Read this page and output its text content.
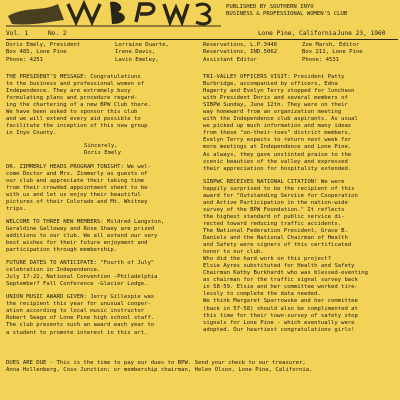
PUBLISHED BY SOUTHERN INYO
BUSINESS & PROFESSIONAL WOMEN'S CLUB
Vol. 1	No. 2	Lone Pine, California June 23, 1960
Doris Emely, President
Box 485, Lone Pine
Phone: 4251
Lorraine Duarte,
Irene Davis,
Lavin Emeley,
Reservations, L.P.3446
Reservations, IND.5062
Assistant Editor
Zoe Marsh, Editor
Box 211, Lone Pine
Phone: 4531
THE PRESIDENT'S MESSAGE: Congratulations
to the business and professional women of
Independence. They are extremely busy
formulating plans and procedure regard-
ing the chartering of a new BPW Club there.
We have been asked to sponsor this club
and we will extend every aid possible to
facilitate the inception of this new group
in Inyo County.
Sincerely,
Doris Emely
DR. ZIMMERLY HEADS PROGRAM TONIGHT: We wel-
come Doctor and Mrs. Zimmerly as guests of
our club and appreciate their taking time
from their crowded appointment sheet to be
with us and let us enjoy their beautiful
pictures of their Colorado and Mt. Whitney
trips.
WELCOME TO THREE NEW MEMBERS: Mildred Langston,
Geraldine Galloway and Rose Shaey are prized
additions to our club. We all extend our very
best wishes for their future enjoyment and
participation through membership.
FUTURE DATES TO ANTICIPATE: "Fourth of July"
celebration in Independence.
July 17-22, National Convention -Philadelphia
September? Fall Conference -Glacier Lodge.
UNION MUSIC AWARD GIVEN: Jerry Gillespie was
the recipient this year for unusual cooper-
ation according to local music instructor
Robert Seago of Lone Pine high school staff.
The club presents such an award each year to
a student to promote interest in this art.
TRI-VALLEY OFFICERS VISIT: President Patty
Burbridge, accompanied by officers, Edna
Hagerty and Evelyn Terry stopped for luncheon
with President Doris and several members of
SIBPW Sunday, June 12th. They were on their
way homeward from an organization meeting
with the Independence club aspirants. As usual
we picked up much information and many ideas
from these "on-their-toes" district members.
Evelyn Terry expects to return next week for
more meetings at Independence and Lone Pine.
As always, they gave unstinted praise to the
scenic beauties of the valley and expressed
their appreciation for hospitality extended.
SIBPWC RECEIVES NATIONAL CITATION! We were
happily surprised to be the recipient of this
award for "Outstanding Service for Cooperation
and Active Participation in the nation-wide
survey of the BPW Foundation." It reflects
the highest standard of public service di-
rected toward reducing traffic accidents.
The National Federation President, Grace B.
Daniels and the National Chairman of Health
and Safety were signers of this certificated
honor to our club.
Who did the hard work on this project?
Elsie Ayres substituted for Health and Safety
Chairman Kathy Burkhardt who was blessed-eventing
as chairman for the traffic signal survey back
in 58-59. Elsie and her committee worked tire-
lessly to complete the data needed.
We think Margaret Sparrowske and her committee
(back in 57-58) should also be complimented at
this time for their town-survey of safety stop
signals for Lone Pine - which eventually were
adopted. Our heartiest congratulations girls!
DUES ARE DUE - This is the time to pay our dues to BPW. Send your check to our treasurer,
Anna Hollenberg, Coso Junction; or membership chairman, Helen Olson, Lone Pine, California.
